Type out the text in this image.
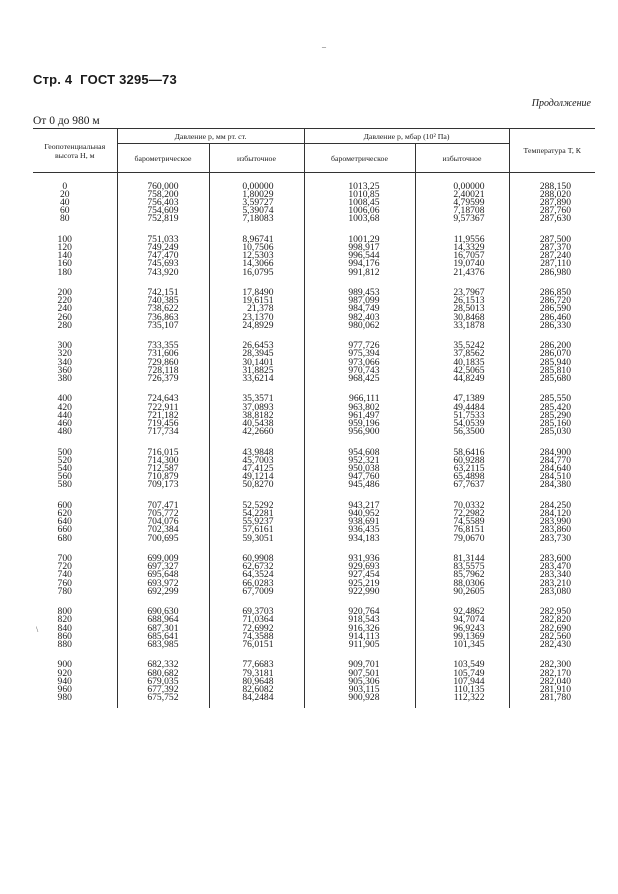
Стр. 4 ГОСТ 3295—73
Продолжение
От 0 до 980 м
Геопотенциальная высота H, м	Давление p, мм рт. ст.		Давление p, мбар (10² Па)		Температура T, К
	барометрическое	избыточное	барометрическое	избыточное	

0	760,000	0,00000	1013,25	0,00000	288,150
20	758,200	1,80029	1010,85	2,40021	288,020
40	756,403	3,59727	1008,45	4,79599	287,890
60	754,609	5,39074	1006,06	7,18708	287,760
80	752,819	7,18083	1003,68	9,57367	287,630

100	751,033	8,96741	1001,29	11,9556	287,500
120	749,249	10,7506	998,917	14,3329	287,370
140	747,470	12,5303	996,544	16,7057	287,240
160	745,693	14,3066	994,176	19,0740	287,110
180	743,920	16,0795	991,812	21,4376	286,980

200	742,151	17,8490	989,453	23,7967	286,850
220	740,385	19,6151	987,099	26,1513	286,720
240	738,622	21,378	984,749	28,5013	286,590
260	736,863	23,1370	982,403	30,8468	286,460
280	735,107	24,8929	980,062	33,1878	286,330

300	733,355	26,6453	977,726	35,5242	286,200
320	731,606	28,3945	975,394	37,8562	286,070
340	729,860	30,1401	973,066	40,1835	285,940
360	728,118	31,8825	970,743	42,5065	285,810
380	726,379	33,6214	968,425	44,8249	285,680

400	724,643	35,3571	966,111	47,1389	285,550
420	722,911	37,0893	963,802	49,4484	285,420
440	721,182	38,8182	961,497	51,7533	285,290
460	719,456	40,5438	959,196	54,0539	285,160
480	717,734	42,2660	956,900	56,3500	285,030

500	716,015	43,9848	954,608	58,6416	284,900
520	714,300	45,7003	952,321	60,9288	284,770
540	712,587	47,4125	950,038	63,2115	284,640
560	710,879	49,1214	947,760	65,4898	284,510
580	709,173	50,8270	945,486	67,7637	284,380

600	707,471	52,5292	943,217	70,0332	284,250
620	705,772	54,2281	940,952	72,2982	284,120
640	704,076	55,9237	938,691	74,5589	283,990
660	702,384	57,6161	936,435	76,8151	283,860
680	700,695	59,3051	934,183	79,0670	283,730

700	699,009	60,9908	931,936	81,3144	283,600
720	697,327	62,6732	929,693	83,5575	283,470
740	695,648	64,3524	927,454	85,7962	283,340
760	693,972	66,0283	925,219	88,0306	283,210
780	692,299	67,7009	922,990	90,2605	283,080

800	690,630	69,3703	920,764	92,4862	282,950
820	688,964	71,0364	918,543	94,7074	282,820
840	687,301	72,6992	916,326	96,9243	282,690
860	685,641	74,3588	914,113	99,1369	282,560
880	683,985	76,0151	911,905	101,345	282,430

900	682,332	77,6683	909,701	103,549	282,300
920	680,682	79,3181	907,501	105,749	282,170
940	679,035	80,9648	905,306	107,944	282,040
960	677,392	82,6082	903,115	110,135	281,910
980	675,752	84,2484	900,928	112,322	281,780

–
\
